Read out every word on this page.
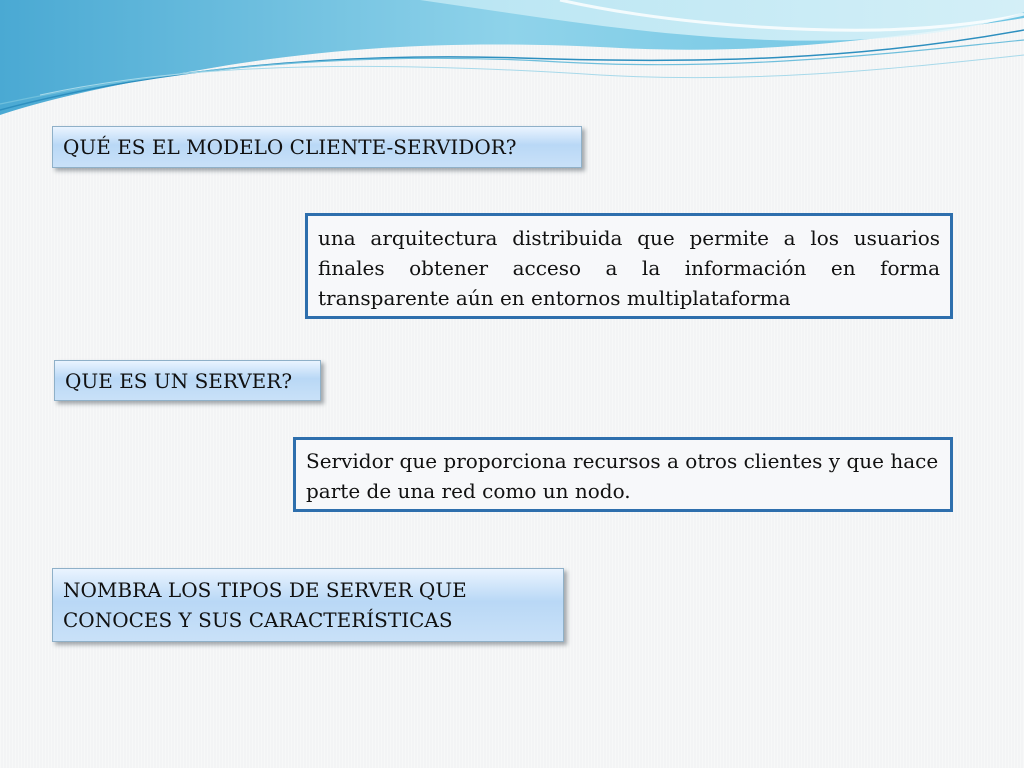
QUÉ ES EL MODELO CLIENTE-SERVIDOR?
una arquitectura distribuida que permite a los usuarios finales obtener acceso a la información en forma transparente aún en entornos multiplataforma
QUE ES UN SERVER?
Servidor que proporciona recursos a otros clientes y que hace parte de una red como un nodo.
NOMBRA LOS TIPOS DE SERVER QUE CONOCES Y SUS CARACTERÍSTICAS
